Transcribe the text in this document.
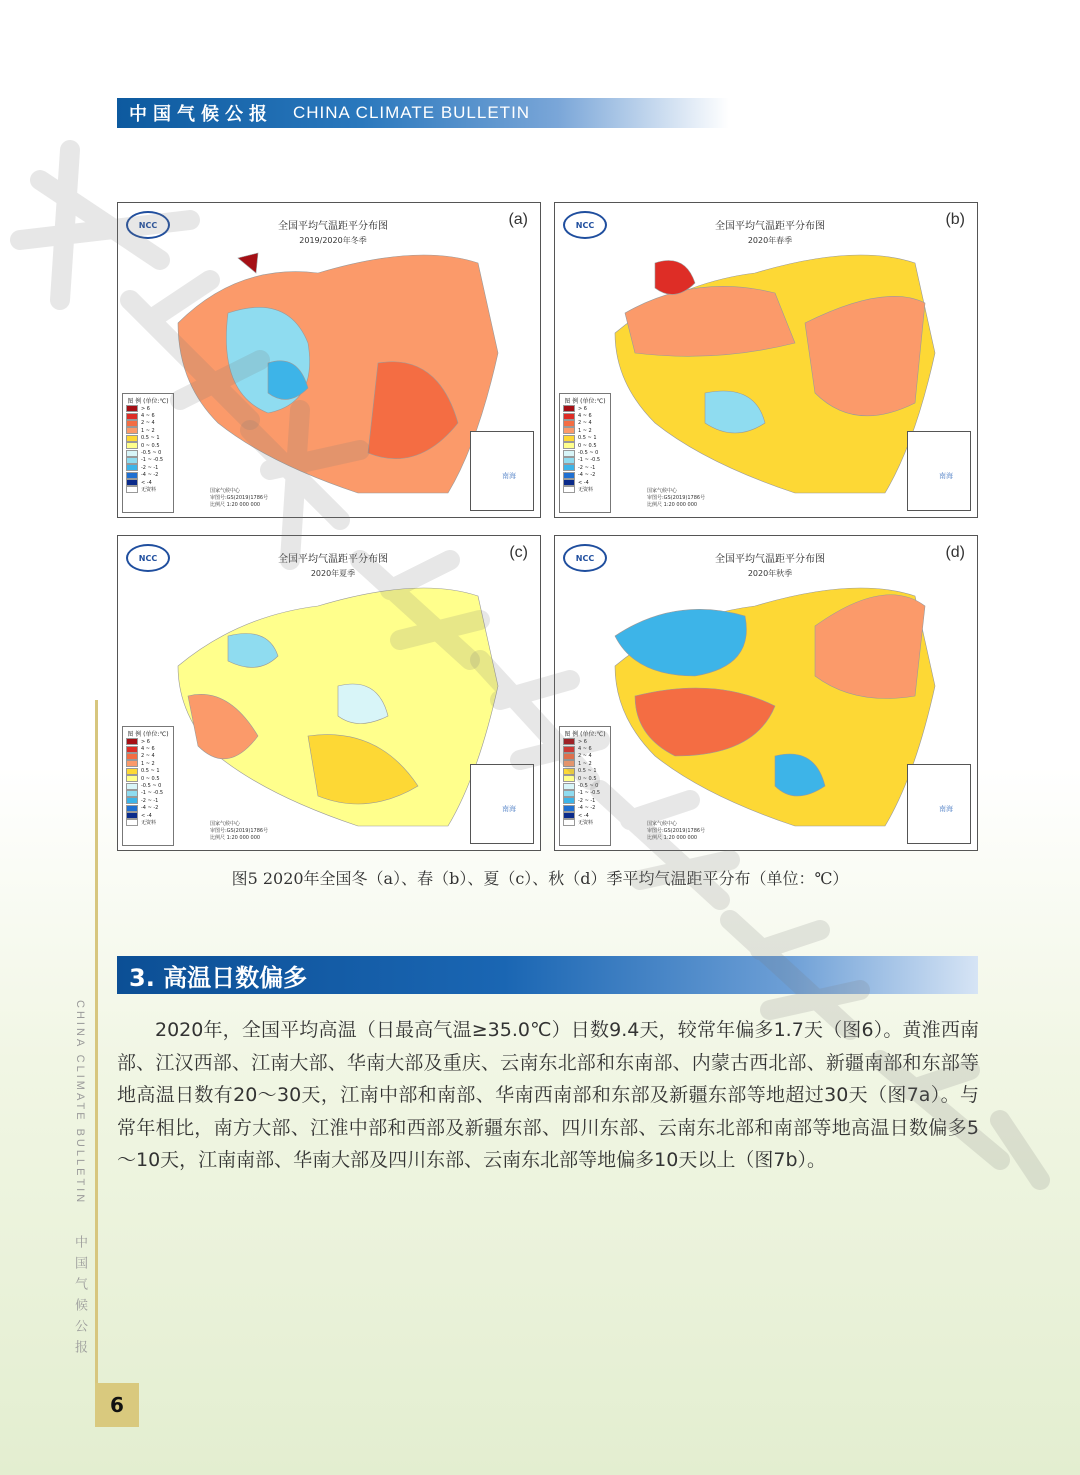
中国气候公报 CHINA CLIMATE BULLETIN
CHINA CLIMATE BULLETIN 中国气候公报
6
NCC	全国平均气温距平分布图
2019/2020年冬季
(a)
图 例 (单位:℃)
> 6
4 ~ 6
2 ~ 4
1 ~ 2
0.5 ~ 1
0 ~ 0.5
-0.5 ~ 0
-1 ~ -0.5
-2 ~ -1
-4 ~ -2
< -4
无资料	国家气候中心
审图号:GS(2019)1786号
比例尺 1:20 000 000
南海
NCC	全国平均气温距平分布图
2020年春季
(b)
图 例 (单位:℃)
> 6
4 ~ 6
2 ~ 4
1 ~ 2
0.5 ~ 1
0 ~ 0.5
-0.5 ~ 0
-1 ~ -0.5
-2 ~ -1
-4 ~ -2
< -4
无资料	国家气候中心
审图号:GS(2019)1786号
比例尺 1:20 000 000
南海
NCC	全国平均气温距平分布图
2020年夏季
(c)
图 例 (单位:℃)
> 6
4 ~ 6
2 ~ 4
1 ~ 2
0.5 ~ 1
0 ~ 0.5
-0.5 ~ 0
-1 ~ -0.5
-2 ~ -1
-4 ~ -2
< -4
无资料	国家气候中心
审图号:GS(2019)1786号
比例尺 1:20 000 000
南海
NCC	全国平均气温距平分布图
2020年秋季
(d)
图 例 (单位:℃)
> 6
4 ~ 6
2 ~ 4
1 ~ 2
0.5 ~ 1
0 ~ 0.5
-0.5 ~ 0
-1 ~ -0.5
-2 ~ -1
-4 ~ -2
< -4
无资料	国家气候中心
审图号:GS(2019)1786号
比例尺 1:20 000 000
南海
图5 2020年全国冬（a）、春（b）、夏（c）、秋（d）季平均气温距平分布（单位：℃）
3. 高温日数偏多
2020年，全国平均高温（日最高气温≥35.0℃）日数9.4天，较常年偏多1.7天（图6）。黄淮西南部、江汉西部、江南大部、华南大部及重庆、云南东北部和东南部、内蒙古西北部、新疆南部和东部等地高温日数有20～30天，江南中部和南部、华南西南部和东部及新疆东部等地超过30天（图7a）。与常年相比，南方大部、江淮中部和西部及新疆东部、四川东部、云南东北部和南部等地高温日数偏多5～10天，江南南部、华南大部及四川东部、云南东北部等地偏多10天以上（图7b）。
